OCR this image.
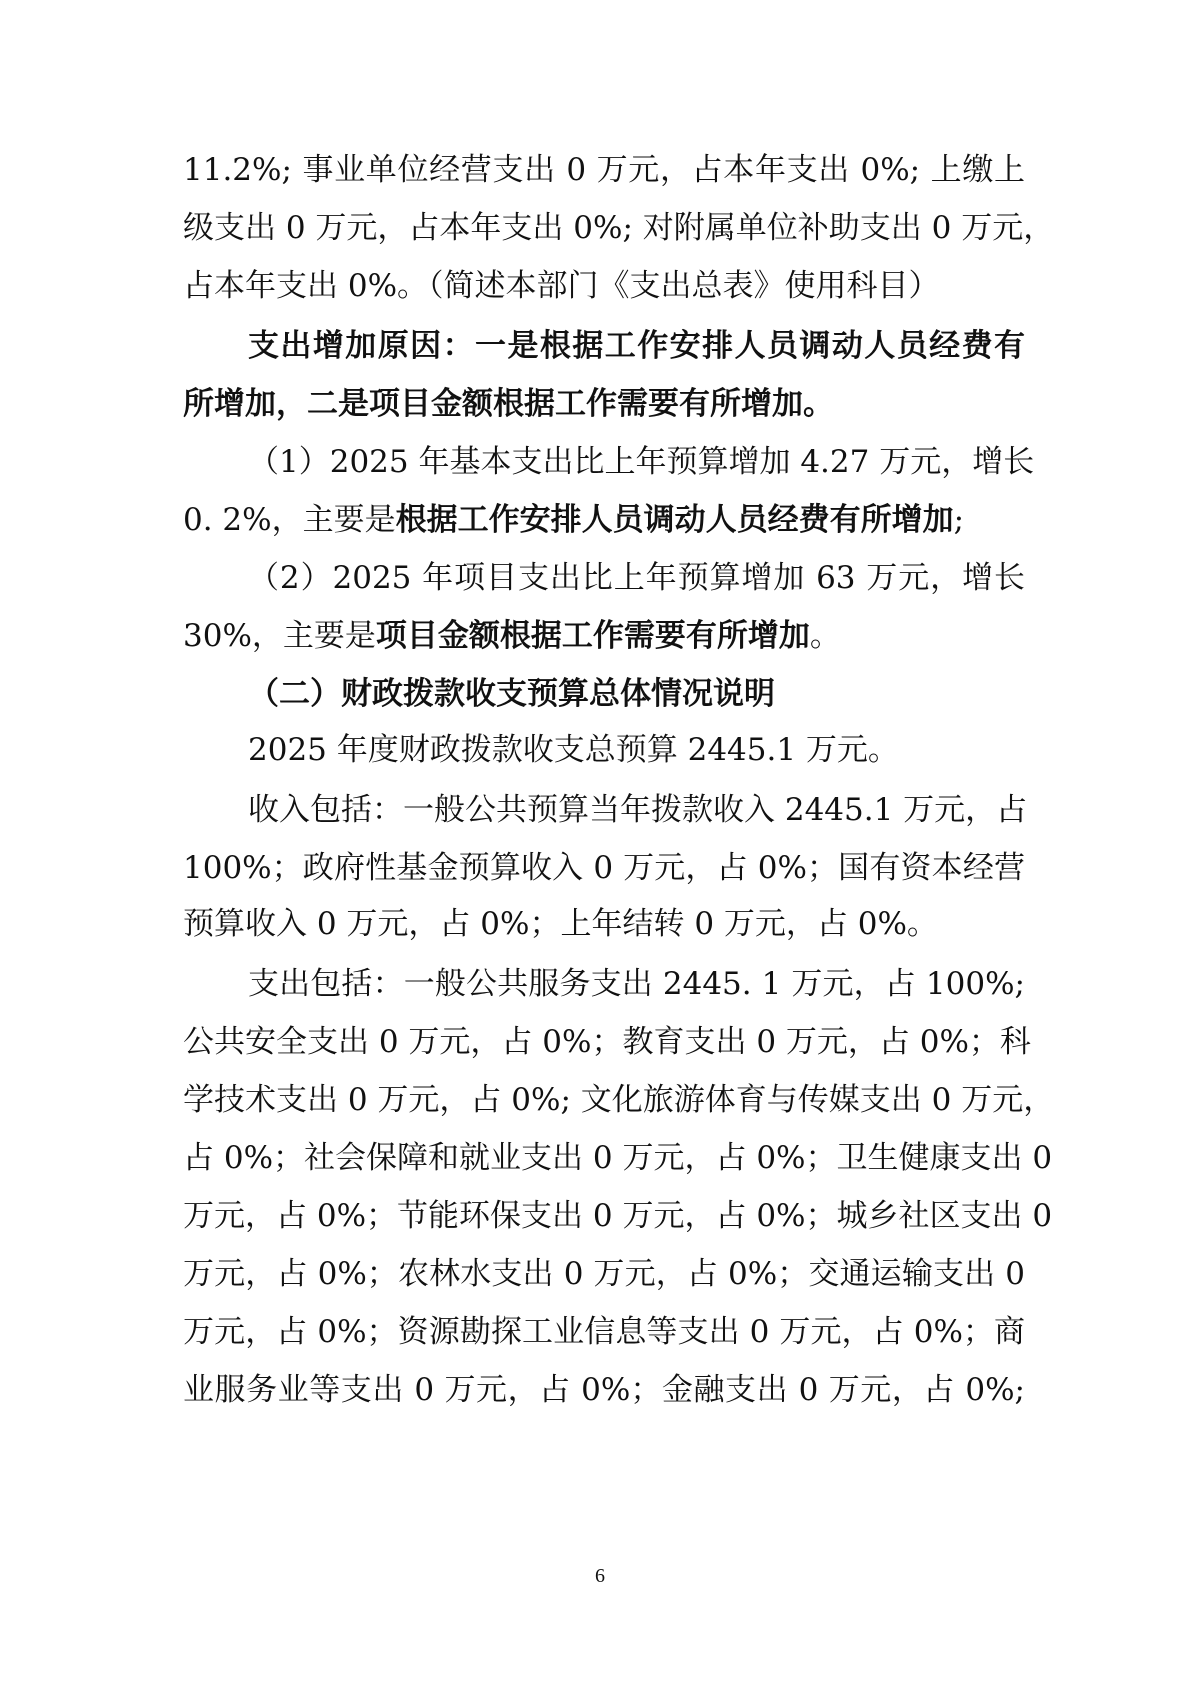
11.2%; 事业单位经营支出 0 万元，占本年支出 0%; 上缴上
级支出 0 万元，占本年支出 0%; 对附属单位补助支出 0 万元，
占本年支出 0%。（简述本部门《支出总表》使用科目）
支出增加原因：一是根据工作安排人员调动人员经费有
所增加，二是项目金额根据工作需要有所增加。
（1）2025 年基本支出比上年预算增加 4.27 万元，增长
0. 2%，主要是根据工作安排人员调动人员经费有所增加;
（2）2025 年项目支出比上年预算增加 63 万元，增长
30%，主要是项目金额根据工作需要有所增加。
（二）财政拨款收支预算总体情况说明
2025 年度财政拨款收支总预算 2445.1 万元。
收入包括：一般公共预算当年拨款收入 2445.1 万元，占
100%；政府性基金预算收入 0 万元，占 0%；国有资本经营
预算收入 0 万元，占 0%；上年结转 0 万元，占 0%。
支出包括：一般公共服务支出 2445. 1 万元，占 100%;
公共安全支出 0 万元，占 0%；教育支出 0 万元，占 0%；科
学技术支出 0 万元，占 0%; 文化旅游体育与传媒支出 0 万元，
占 0%；社会保障和就业支出 0 万元，占 0%；卫生健康支出 0
万元，占 0%；节能环保支出 0 万元，占 0%；城乡社区支出 0
万元，占 0%；农林水支出 0 万元，占 0%；交通运输支出 0
万元，占 0%；资源勘探工业信息等支出 0 万元，占 0%；商
业服务业等支出 0 万元，占 0%；金融支出 0 万元，占 0%;
6
